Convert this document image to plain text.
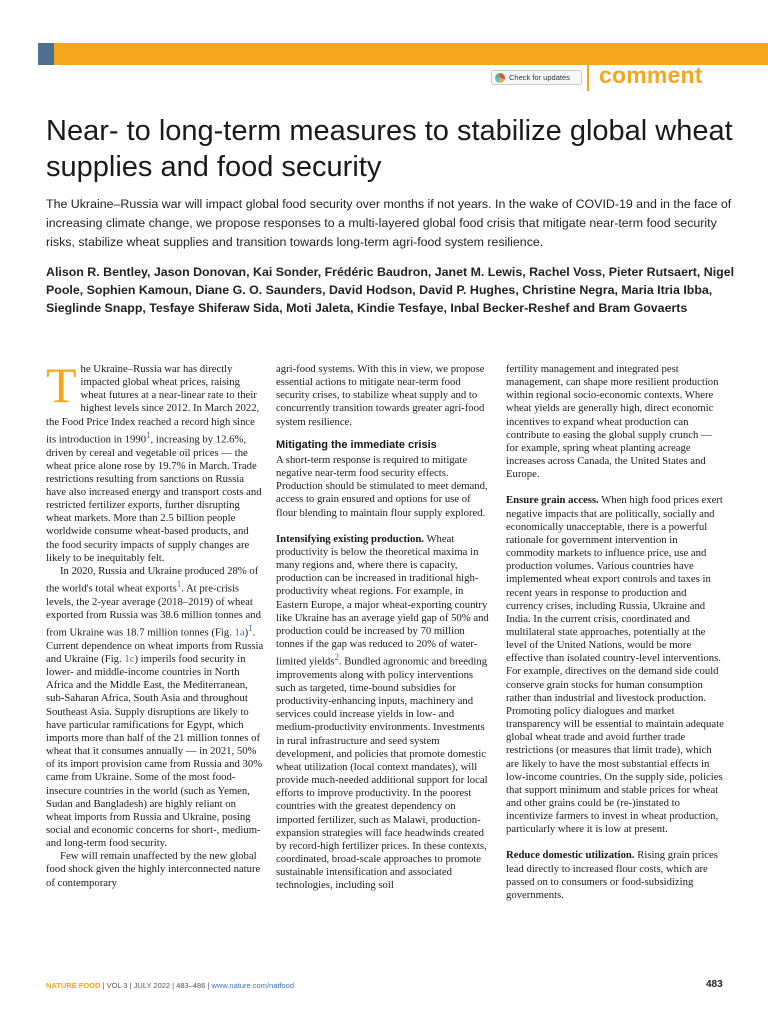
Check for updates comment
Near- to long-term measures to stabilize global wheat supplies and food security

The Ukraine–Russia war will impact global food security over months if not years. In the wake of COVID-19 and in the face of increasing climate change, we propose responses to a multi-layered global food crisis that mitigate near-term food security risks, stabilize wheat supplies and transition towards long-term agri-food system resilience.

Alison R. Bentley, Jason Donovan, Kai Sonder, Frédéric Baudron, Janet M. Lewis, Rachel Voss, Pieter Rutsaert, Nigel Poole, Sophien Kamoun, Diane G. O. Saunders, David Hodson, David P. Hughes, Christine Negra, Maria Itria Ibba, Sieglinde Snapp, Tesfaye Shiferaw Sida, Moti Jaleta, Kindie Tesfaye, Inbal Becker-Reshef and Bram Govaerts

The Ukraine–Russia war has directly impacted global wheat prices, raising wheat futures at a near-linear rate to their highest levels since 2012. In March 2022, the Food Price Index reached a record high since its introduction in 1990$^1$, increasing by 12.6%, driven by cereal and vegetable oil prices — the wheat price alone rose by 19.7% in March. Trade restrictions resulting from sanctions on Russia have also increased energy and transport costs and restricted fertilizer exports, further disrupting wheat markets. More than 2.5 billion people worldwide consume wheat-based products, and the food security impacts of supply changes are likely to be inequitably felt.

In 2020, Russia and Ukraine produced 28% of the world's total wheat exports$^1$. At pre-crisis levels, the 2-year average (2018–2019) of wheat exported from Russia was 38.6 million tonnes and from Ukraine was 18.7 million tonnes (Fig. 1a)$^1$. Current dependence on wheat imports from Russia and Ukraine (Fig. 1c) imperils food security in lower- and middle-income countries in North Africa and the Middle East, the Mediterranean, sub-Saharan Africa, South Asia and throughout Southeast Asia. Supply disruptions are likely to have particular ramifications for Egypt, which imports more than half of the 21 million tonnes of wheat that it consumes annually — in 2021, 50% of its import provision came from Russia and 30% came from Ukraine. Some of the most food-insecure countries in the world (such as Yemen, Sudan and Bangladesh) are highly reliant on wheat imports from Russia and Ukraine, posing social and economic concerns for short-, medium- and long-term food security.

Few will remain unaffected by the new global food shock given the highly interconnected nature of contemporary

agri-food systems. With this in view, we propose essential actions to mitigate near-term food security crises, to stabilize wheat supply and to concurrently transition towards greater agri-food system resilience.

Mitigating the immediate crisis

A short-term response is required to mitigate negative near-term food security effects. Production should be stimulated to meet demand, access to grain ensured and options for use of flour blending to maintain flour supply explored.

Intensifying existing production. Wheat productivity is below the theoretical maxima in many regions and, where there is capacity, production can be increased in traditional high-productivity wheat regions. For example, in Eastern Europe, a major wheat-exporting country like Ukraine has an average yield gap of 50% and production could be increased by 70 million tonnes if the gap was reduced to 20% of water-limited yields$^2$. Bundled agronomic and breeding improvements along with policy interventions such as targeted, time-bound subsidies for productivity-enhancing inputs, machinery and services could increase yields in low- and medium-productivity environments. Investments in rural infrastructure and seed system development, and policies that promote domestic wheat utilization (local context mandates), will provide much-needed additional support for local efforts to improve productivity. In the poorest countries with the greatest dependency on imported fertilizer, such as Malawi, production-expansion strategies will face headwinds created by record-high fertilizer prices. In these contexts, coordinated, broad-scale approaches to promote sustainable intensification and associated technologies, including soil

fertility management and integrated pest management, can shape more resilient production within regional socio-economic contexts. Where wheat yields are generally high, direct economic incentives to expand wheat production can contribute to easing the global supply crunch — for example, spring wheat planting acreage increases across Canada, the United States and Europe.

Ensure grain access. When high food prices exert negative impacts that are politically, socially and economically unacceptable, there is a powerful rationale for government intervention in commodity markets to influence price, use and production volumes. Various countries have implemented wheat export controls and taxes in recent years in response to production and currency crises, including Russia, Ukraine and India. In the current crisis, coordinated and multilateral state approaches, potentially at the level of the United Nations, would be more effective than isolated country-level interventions. For example, directives on the demand side could conserve grain stocks for human consumption rather than industrial and livestock production. Promoting policy dialogues and market transparency will be essential to maintain adequate global wheat trade and avoid further trade restrictions (or measures that limit trade), which are likely to have the most substantial effects in low-income countries. On the supply side, policies that support minimum and stable prices for wheat and other grains could be (re-)instated to incentivize farmers to invest in wheat production, particularly where it is low at present.

Reduce domestic utilization. Rising grain prices lead directly to increased flour costs, which are passed on to consumers or food-subsidizing governments.

NATURE FOOD | VOL 3 | JULY 2022 | 483–486 | www.nature.com/natfood	483
